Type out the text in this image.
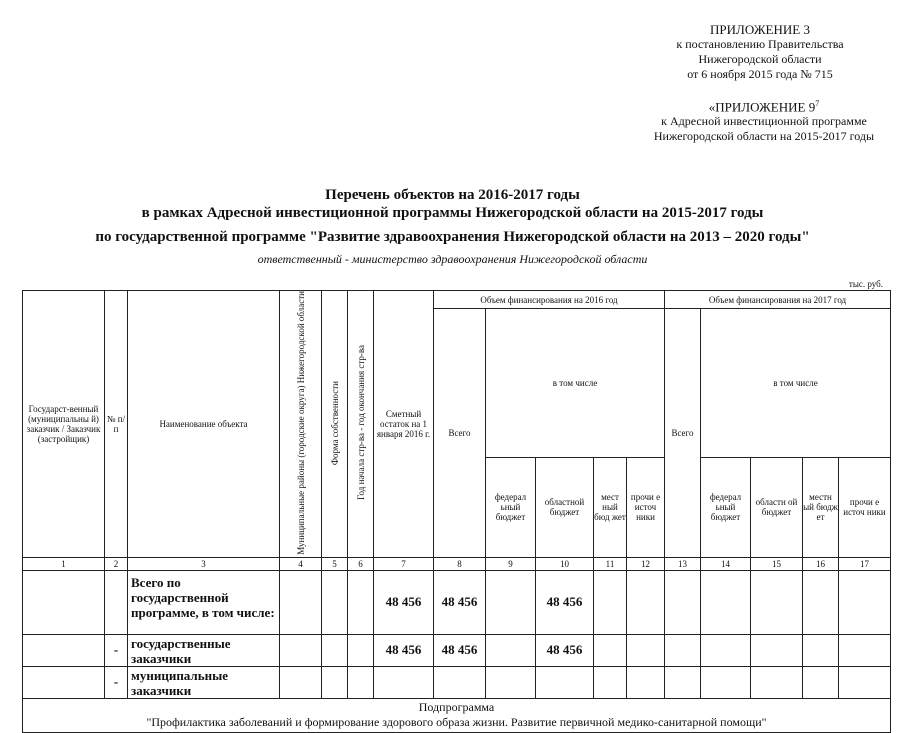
ПРИЛОЖЕНИЕ 3
к постановлению Правительства
Нижегородской области
от 6 ноября 2015 года № 715
«ПРИЛОЖЕНИЕ $9^7$
к Адресной инвестиционной программе
Нижегородской области на 2015-2017 годы
Перечень объектов на 2016-2017 годы
в рамках Адресной инвестиционной программы Нижегородской области на 2015-2017 годы
по государственной программе "Развитие здравоохранения Нижегородской области на 2013 – 2020 годы"
ответственный - министерство здравоохранения Нижегородской области
тыс. руб.
Государст-венный (муниципальны й) заказчик / Заказчик (застройщик)	№ п/п	Наименование объекта	Муниципальные районы (городские округа) Нижегородской области	Форма собственности	Год начала стр-ва - год окончания стр-ва	Сметный остаток на 1 января 2016 г.	Объем финансирования на 2016 год					Объем финансирования на 2017 год				
							Всего	в том числе				Всего	в том числе			
								федерал ьный бюджет	областной бюджет	мест ный бюд жет	прочи е источ ники		федерал ьный бюджет	областн ой бюджет	местн ый бюдж ет	прочи е источ ники
1	2	3	4	5	6	7	8	9	10	11	12	13	14	15	16	17
		Всего по государственной программе, в том числе:				48 456	48 456		48 456							
	-	государственные заказчики				48 456	48 456		48 456							
	-	муниципальные заказчики														

Подпрограмма
"Профилактика заболеваний и формирование здорового образа жизни. Развитие первичной медико-санитарной помощи"																
